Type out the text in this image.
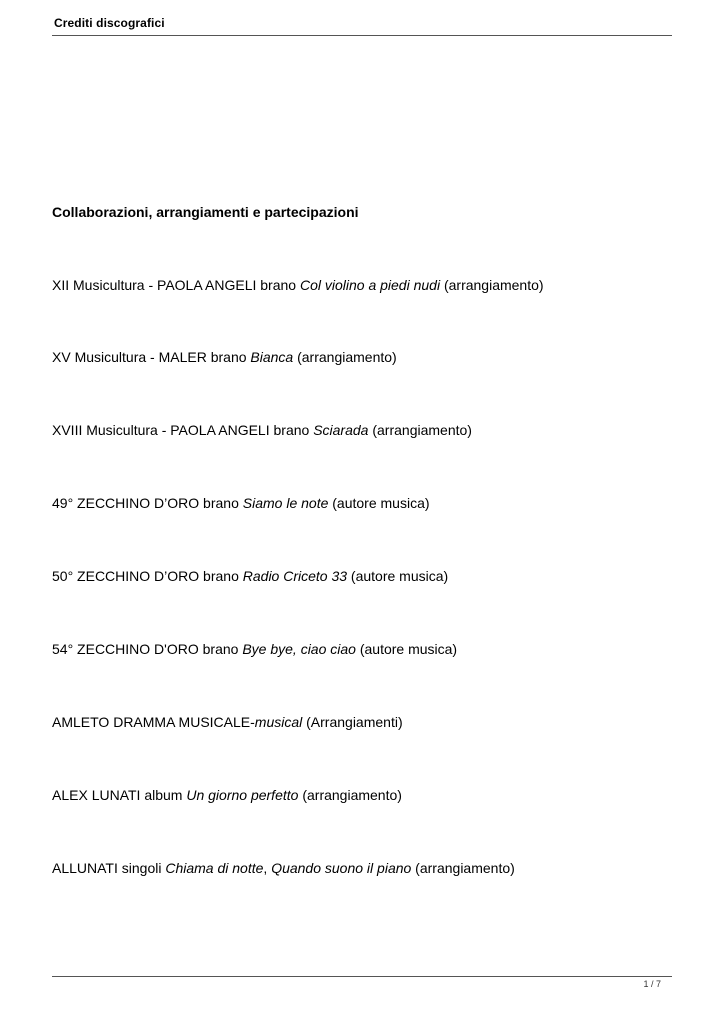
Crediti discografici
Collaborazioni, arrangiamenti e partecipazioni
XII Musicultura - PAOLA ANGELI brano Col violino a piedi nudi (arrangiamento)
XV Musicultura - MALER brano Bianca (arrangiamento)
XVIII Musicultura - PAOLA ANGELI brano Sciarada (arrangiamento)
49° ZECCHINO D’ORO brano Siamo le note (autore musica)
50° ZECCHINO D’ORO brano Radio Criceto 33 (autore musica)
54° ZECCHINO D'ORO brano Bye bye, ciao ciao (autore musica)
AMLETO DRAMMA MUSICALE-musical (Arrangiamenti)
ALEX LUNATI album Un giorno perfetto (arrangiamento)
ALLUNATI singoli Chiama di notte, Quando suono il piano (arrangiamento)
1 / 7
